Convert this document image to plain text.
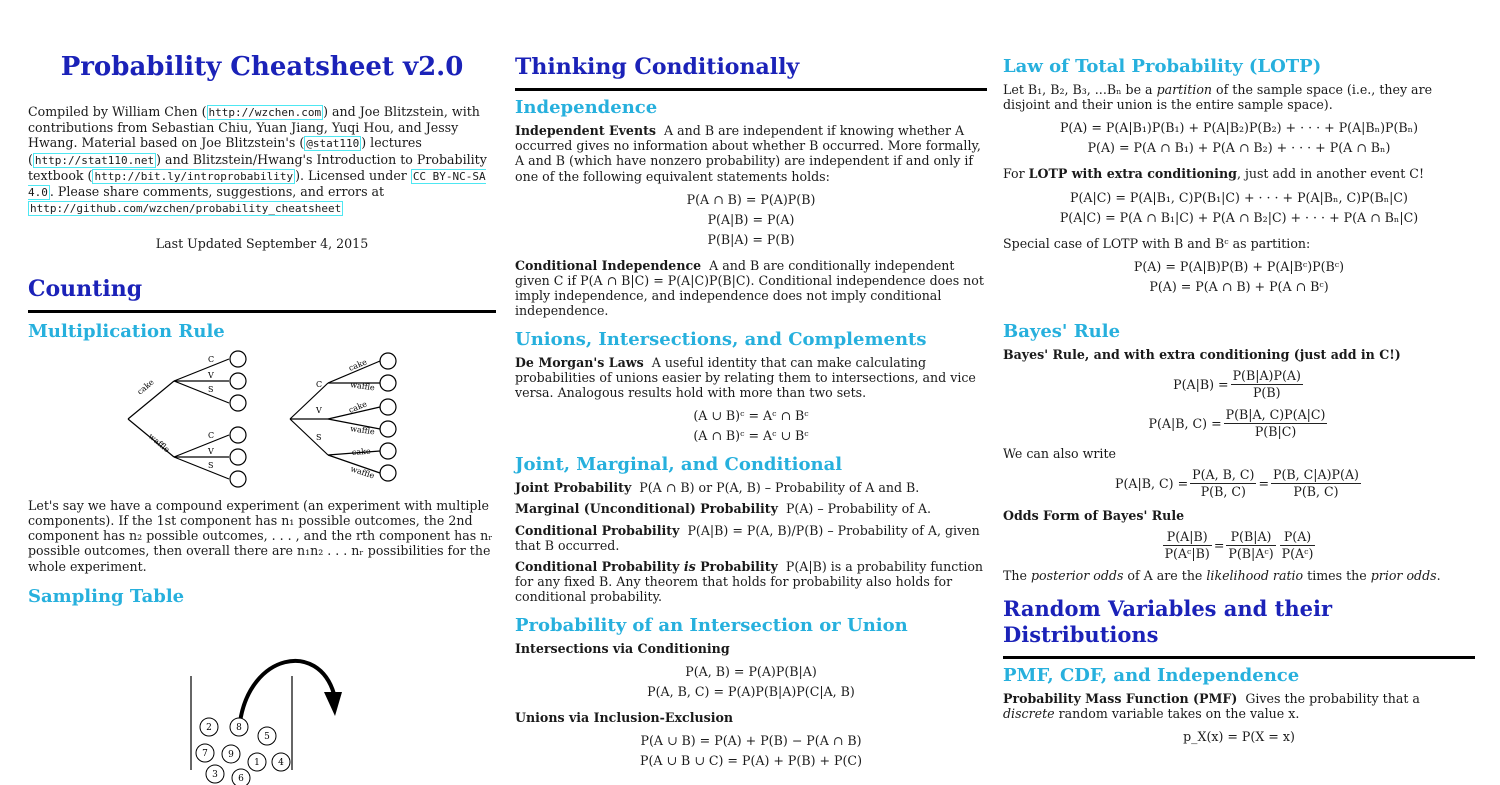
Probability Cheatsheet v2.0

Compiled by William Chen ( http://wzchen.com ) and Joe Blitzstein, with contributions from Sebastian Chiu, Yuan Jiang, Yuqi Hou, and Jessy Hwang. Material based on Joe Blitzstein's ( @stat110 ) lectures ( http://stat110.net ) and Blitzstein/Hwang's Introduction to Probability textbook ( http://bit.ly/introprobability ). Licensed under CC BY-NC-SA 4.0 . Please share comments, suggestions, and errors at http://github.com/wzchen/probability_cheatsheet

Last Updated September 4, 2015

Counting
Multiplication Rule
cake
waffle
C
V
S
C
V
S
C
V
S
cake
waffle
cake
waffle
cake
waffle

Let's say we have a compound experiment (an experiment with multiple components). If the 1st component has n₁ possible outcomes, the 2nd component has n₂ possible outcomes, . . . , and the rth component has nᵣ possible outcomes, then overall there are n₁n₂ . . . nᵣ possibilities for the whole experiment.

Sampling Table
2	8
5
7 9
1 4
3 6
Thinking Conditionally
Independence

Independent Events A and B are independent if knowing whether A occurred gives no information about whether B occurred. More formally, A and B (which have nonzero probability) are independent if and only if one of the following equivalent statements holds:

P(A ∩ B) = P(A)P(B)
P(A|B) = P(A)
P(B|A) = P(B)

Conditional Independence A and B are conditionally independent given C if P(A ∩ B|C) = P(A|C)P(B|C). Conditional independence does not imply independence, and independence does not imply conditional independence.

Unions, Intersections, and Complements

De Morgan's Laws A useful identity that can make calculating probabilities of unions easier by relating them to intersections, and vice versa. Analogous results hold with more than two sets.

(A ∪ B)ᶜ = Aᶜ ∩ Bᶜ
(A ∩ B)ᶜ = Aᶜ ∪ Bᶜ
Joint, Marginal, and Conditional

Joint Probability P(A ∩ B) or P(A, B) – Probability of A and B.

Marginal (Unconditional) Probability P(A) – Probability of A.

Conditional Probability P(A|B) = P(A, B)/P(B) – Probability of A, given that B occurred.

Conditional Probability is Probability P(A|B) is a probability function for any fixed B. Any theorem that holds for probability also holds for conditional probability.

Probability of an Intersection or Union

Intersections via Conditioning

P(A, B) = P(A)P(B|A)
P(A, B, C) = P(A)P(B|A)P(C|A, B)

Unions via Inclusion-Exclusion

P(A ∪ B) = P(A) + P(B) − P(A ∩ B)
P(A ∪ B ∪ C) = P(A) + P(B) + P(C)
Law of Total Probability (LOTP)

Let B₁, B₂, B₃, ...Bₙ be a partition of the sample space (i.e., they are disjoint and their union is the entire sample space).

P(A) = P(A|B₁)P(B₁) + P(A|B₂)P(B₂) + · · · + P(A|Bₙ)P(Bₙ)
P(A) = P(A ∩ B₁) + P(A ∩ B₂) + · · · + P(A ∩ Bₙ)

For LOTP with extra conditioning, just add in another event C!

P(A|C) = P(A|B₁, C)P(B₁|C) + · · · + P(A|Bₙ, C)P(Bₙ|C)
P(A|C) = P(A ∩ B₁|C) + P(A ∩ B₂|C) + · · · + P(A ∩ Bₙ|C)

Special case of LOTP with B and Bᶜ as partition:

P(A) = P(A|B)P(B) + P(A|Bᶜ)P(Bᶜ)
P(A) = P(A ∩ B) + P(A ∩ Bᶜ)
Bayes' Rule

Bayes' Rule, and with extra conditioning (just add in C!)

$P(A|B) = \frac{P(B|A)P(A)}{P(B)}$
P(A|B, $C) = \frac{P(B|A, C)P(A|C)}{P(B|C)}$

We can also write

P(A|B, $C) = \frac{P(A, B, C)}{P(B, C)} = \frac{P(B, C|A)P(A)}{P(B, C)}$

Odds Form of Bayes' Rule

$\frac{P(A|B)}{\text{P(Aᶜ|B)}} = \frac{P(B|A)}{\text{P(B|Aᶜ)}} \frac{P(A)}{\text{P(Aᶜ)}}$

The posterior odds of A are the likelihood ratio times the prior odds.

Random Variables and their Distributions
PMF, CDF, and Independence

Probability Mass Function (PMF) Gives the probability that a discrete random variable takes on the value x.

p_X(x) = P(X = x)
